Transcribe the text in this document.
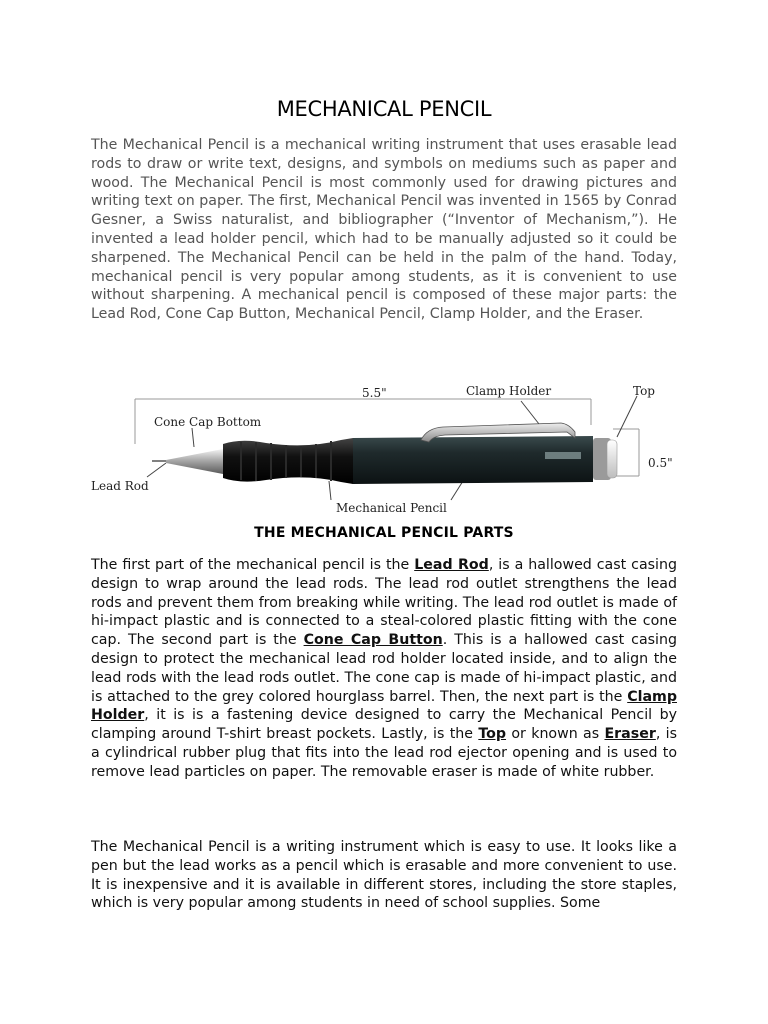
MECHANICAL PENCIL

The Mechanical Pencil is a mechanical writing instrument that uses erasable lead rods to draw or write text, designs, and symbols on mediums such as paper and wood. The Mechanical Pencil is most commonly used for drawing pictures and writing text on paper. The first, Mechanical Pencil was invented in 1565 by Conrad Gesner, a Swiss naturalist, and bibliographer (“Inventor of Mechanism,”). He invented a lead holder pencil, which had to be manually adjusted so it could be sharpened. The Mechanical Pencil can be held in the palm of the hand. Today, mechanical pencil is very popular among students, as it is convenient to use without sharpening. A mechanical pencil is composed of these major parts: the Lead Rod, Cone Cap Button, Mechanical Pencil, Clamp Holder, and the Eraser.

5.5"	Clamp Holder	Top
Cone Cap Bottom
0.5"
Lead Rod
Mechanical Pencil
THE MECHANICAL PENCIL PARTS

The first part of the mechanical pencil is the Lead Rod, is a hallowed cast casing design to wrap around the lead rods. The lead rod outlet strengthens the lead rods and prevent them from breaking while writing. The lead rod outlet is made of hi-impact plastic and is connected to a steal-colored plastic fitting with the cone cap. The second part is the Cone Cap Button. This is a hallowed cast casing design to protect the mechanical lead rod holder located inside, and to align the lead rods with the lead rods outlet. The cone cap is made of hi-impact plastic, and is attached to the grey colored hourglass barrel. Then, the next part is the Clamp Holder, it is is a fastening device designed to carry the Mechanical Pencil by clamping around T-shirt breast pockets. Lastly, is the Top or known as Eraser, is a cylindrical rubber plug that fits into the lead rod ejector opening and is used to remove lead particles on paper. The removable eraser is made of white rubber.

The Mechanical Pencil is a writing instrument which is easy to use. It looks like a pen but the lead works as a pencil which is erasable and more convenient to use. It is inexpensive and it is available in different stores, including the store staples, which is very popular among students in need of school supplies. Some
